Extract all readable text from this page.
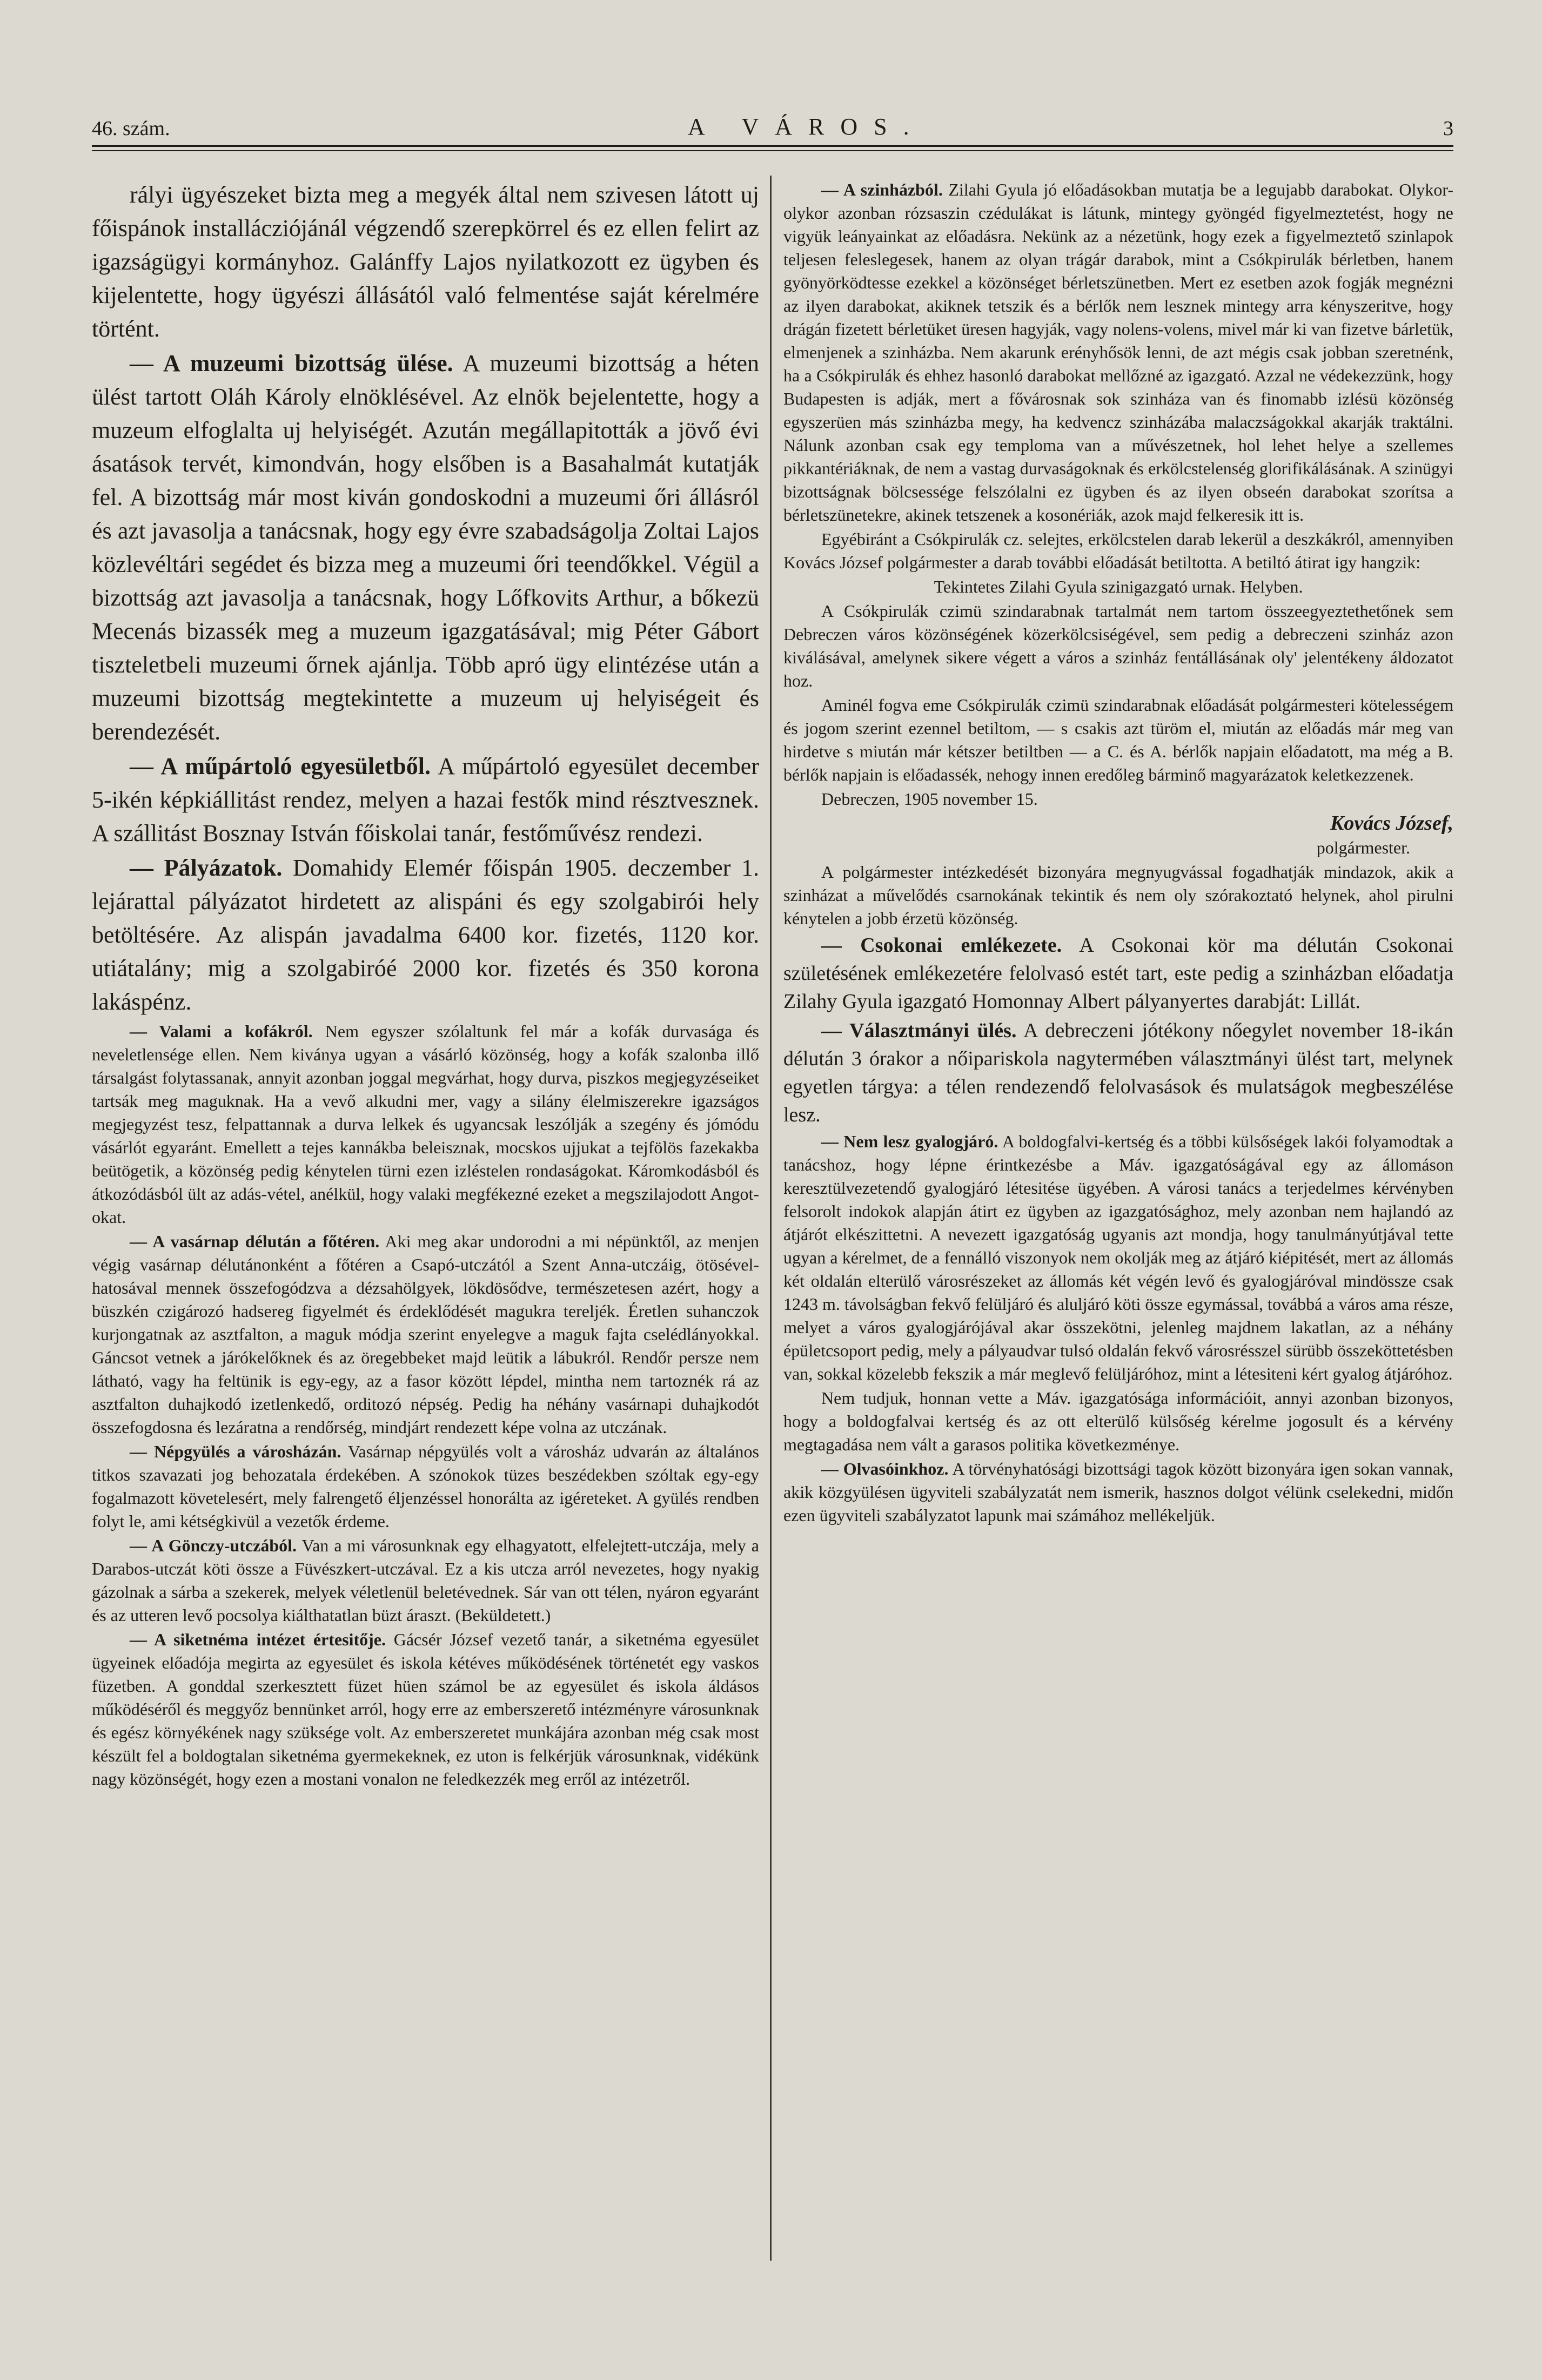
46. szám.	A VÁROS.	3

rályi ügyészeket bizta meg a megyék által nem szivesen látott uj főispánok installácziójánál végzendő szerepkörrel és ez ellen felirt az igazságügyi kormányhoz. Galánffy Lajos nyilatkozott ez ügyben és kijelentette, hogy ügyészi állásától való felmentése saját kérelmére történt.

— A muzeumi bizottság ülése. A muzeumi bizottság a héten ülést tartott Oláh Károly elnöklésével. Az elnök bejelentette, hogy a muzeum elfoglalta uj helyiségét. Azután megállapitották a jövő évi ásatások tervét, kimondván, hogy elsőben is a Basahalmát kutatják fel. A bizottság már most kiván gondoskodni a muzeumi őri állásról és azt javasolja a tanácsnak, hogy egy évre szabadságolja Zoltai Lajos közlevéltári segédet és bizza meg a muzeumi őri teendőkkel. Végül a bizottság azt javasolja a tanácsnak, hogy Lőfkovits Arthur, a bőkezü Mecenás bizassék meg a muzeum igazgatásával; mig Péter Gábort tiszteletbeli muzeumi őrnek ajánlja. Több apró ügy elintézése után a muzeumi bizottság megtekintette a muzeum uj helyiségeit és berendezését.

— A műpártoló egyesületből. A műpártoló egyesület december 5-ikén képkiállitást rendez, melyen a hazai festők mind résztvesznek. A szállitást Bosznay István főiskolai tanár, festőművész rendezi.

— Pályázatok. Domahidy Elemér főispán 1905. deczember 1. lejárattal pályázatot hirdetett az alispáni és egy szolgabirói hely betöltésére. Az alispán javadalma 6400 kor. fizetés, 1120 kor. utiátalány; mig a szolgabiróé 2000 kor. fizetés és 350 korona lakáspénz.

— Valami a kofákról. Nem egyszer szólaltunk fel már a kofák durvasága és neveletlensége ellen. Nem kiványa ugyan a vásárló közönség, hogy a kofák szalonba illő társalgást folytassanak, annyit azonban joggal megvárhat, hogy durva, piszkos megjegyzéseiket tartsák meg maguknak. Ha a vevő alkudni mer, vagy a silány élelmiszerekre igazságos megjegyzést tesz, felpattannak a durva lelkek és ugyancsak leszólják a szegény és jómódu vásárlót egyaránt. Emellett a tejes kannákba beleisznak, mocskos ujjukat a tejfölös fazekakba beütögetik, a közönség pedig kénytelen türni ezen izléstelen rondaságokat. Káromkodásból és átkozódásból ült az adás-vétel, anélkül, hogy valaki megfékezné ezeket a megszilajodott Angot-okat.

— A vasárnap délután a főtéren. Aki meg akar undorodni a mi népünktől, az menjen végig vasárnap délutánonként a főtéren a Csapó-utczától a Szent Anna-utczáig, ötösével-hatosával mennek összefogódzva a dézsahölgyek, lökdösődve, természetesen azért, hogy a büszkén czigározó hadsereg figyelmét és érdeklődését magukra tereljék. Éretlen suhanczok kurjongatnak az asztfalton, a maguk módja szerint enyelegve a maguk fajta cselédlányokkal. Gáncsot vetnek a járókelőknek és az öregebbeket majd leütik a lábukról. Rendőr persze nem látható, vagy ha feltünik is egy-egy, az a fasor között lépdel, mintha nem tartoznék rá az asztfalton duhajkodó izetlenkedő, orditozó népség. Pedig ha néhány vasárnapi duhajkodót összefogdosna és lezáratna a rendőrség, mindjárt rendezett képe volna az utczának.

— Népgyülés a városházán. Vasárnap népgyülés volt a városház udvarán az általános titkos szavazati jog behozatala érdekében. A szónokok tüzes beszédekben szóltak egy-egy fogalmazott követelesért, mely falrengető éljenzéssel honorálta az igéreteket. A gyülés rendben folyt le, ami kétségkivül a vezetők érdeme.

— A Gönczy-utczából. Van a mi városunknak egy elhagyatott, elfelejtett-utczája, mely a Darabos-utczát köti össze a Füvészkert-utczával. Ez a kis utcza arról nevezetes, hogy nyakig gázolnak a sárba a szekerek, melyek véletlenül beletévednek. Sár van ott télen, nyáron egyaránt és az utteren levő pocsolya kiálthatatlan büzt áraszt. (Beküldetett.)

— A siketnéma intézet értesitője. Gácsér József vezető tanár, a siketnéma egyesület ügyeinek előadója megirta az egyesület és iskola kétéves működésének történetét egy vaskos füzetben. A gonddal szerkesztett füzet hüen számol be az egyesület és iskola áldásos működéséről és meggyőz bennünket arról, hogy erre az emberszerető intézményre városunknak és egész környékének nagy szüksége volt. Az emberszeretet munkájára azonban még csak most készült fel a boldogtalan siketnéma gyermekeknek, ez uton is felkérjük városunknak, vidékünk nagy közönségét, hogy ezen a mostani vonalon ne feledkezzék meg erről az intézetről.

— A szinházból. Zilahi Gyula jó előadásokban mutatja be a legujabb darabokat. Olykor-olykor azonban rózsaszin czédulákat is látunk, mintegy gyöngéd figyelmeztetést, hogy ne vigyük leányainkat az előadásra. Nekünk az a nézetünk, hogy ezek a figyelmeztető szinlapok teljesen feleslegesek, hanem az olyan trágár darabok, mint a Csókpirulák bérletben, hanem gyönyörködtesse ezekkel a közönséget bérletszünetben. Mert ez esetben azok fogják megnézni az ilyen darabokat, akiknek tetszik és a bérlők nem lesznek mintegy arra kényszeritve, hogy drágán fizetett bérletüket üresen hagyják, vagy nolens-volens, mivel már ki van fizetve bárletük, elmenjenek a szinházba. Nem akarunk erényhősök lenni, de azt mégis csak jobban szeretnénk, ha a Csókpirulák és ehhez hasonló darabokat mellőzné az igazgató. Azzal ne védekezzünk, hogy Budapesten is adják, mert a fővárosnak sok szinháza van és finomabb izlésü közönség egyszerüen más szinházba megy, ha kedvencz szinházába malaczságokkal akarják traktálni. Nálunk azonban csak egy temploma van a művészetnek, hol lehet helye a szellemes pikkantériáknak, de nem a vastag durvaságoknak és erkölcstelenség glorifikálásának. A szinügyi bizottságnak bölcsessége felszólalni ez ügyben és az ilyen obseén darabokat szorítsa a bérletszünetekre, akinek tetszenek a kosonériák, azok majd felkeresik itt is.

Egyébiránt a Csókpirulák cz. selejtes, erkölcstelen darab lekerül a deszkákról, amennyiben Kovács József polgármester a darab további előadását betiltotta. A betiltó átirat igy hangzik:

Tekintetes Zilahi Gyula szinigazgató urnak. Helyben.

A Csókpirulák czimü szindarabnak tartalmát nem tartom összeegyeztethetőnek sem Debreczen város közönségének közerkölcsiségével, sem pedig a debreczeni szinház azon kiválásával, amelynek sikere végett a város a szinház fentállásának oly' jelentékeny áldozatot hoz.

Aminél fogva eme Csókpirulák czimü szindarabnak előadását polgármesteri kötelességem és jogom szerint ezennel betiltom, — s csakis azt türöm el, miután az előadás már meg van hirdetve s miután már kétszer betiltben — a C. és A. bérlők napjain előadatott, ma még a B. bérlők napjain is előadassék, nehogy innen eredőleg bárminő magyarázatok keletkezzenek.

Debreczen, 1905 november 15.

Kovács József,

polgármester.

A polgármester intézkedését bizonyára megnyugvással fogadhatják mindazok, akik a szinházat a művelődés csarnokának tekintik és nem oly szórakoztató helynek, ahol pirulni kénytelen a jobb érzetü közönség.

— Csokonai emlékezete. A Csokonai kör ma délután Csokonai születésének emlékezetére felolvasó estét tart, este pedig a szinházban előadatja Zilahy Gyula igazgató Homonnay Albert pályanyertes darabját: Lillát.

— Választmányi ülés. A debreczeni jótékony nőegylet november 18-ikán délután 3 órakor a nőipariskola nagytermében választmányi ülést tart, melynek egyetlen tárgya: a télen rendezendő felolvasások és mulatságok megbeszélése lesz.

— Nem lesz gyalogjáró. A boldogfalvi-kertség és a többi külsőségek lakói folyamodtak a tanácshoz, hogy lépne érintkezésbe a Máv. igazgatóságával egy az állomáson keresztülvezetendő gyalogjáró létesitése ügyében. A városi tanács a terjedelmes kérvényben felsorolt indokok alapján átirt ez ügyben az igazgatósághoz, mely azonban nem hajlandó az átjárót elkészittetni. A nevezett igazgatóság ugyanis azt mondja, hogy tanulmányútjával tette ugyan a kérelmet, de a fennálló viszonyok nem okolják meg az átjáró kiépitését, mert az állomás két oldalán elterülő városrészeket az állomás két végén levő és gyalogjáróval mindössze csak 1243 m. távolságban fekvő felüljáró és aluljáró köti össze egymással, továbbá a város ama része, melyet a város gyalogjárójával akar összekötni, jelenleg majdnem lakatlan, az a néhány épületcsoport pedig, mely a pályaudvar tulsó oldalán fekvő városrésszel sürübb összeköttetésben van, sokkal közelebb fekszik a már meglevő felüljáróhoz, mint a létesiteni kért gyalog átjáróhoz.

Nem tudjuk, honnan vette a Máv. igazgatósága információit, annyi azonban bizonyos, hogy a boldogfalvai kertség és az ott elterülő külsőség kérelme jogosult és a kérvény megtagadása nem vált a garasos politika következménye.

— Olvasóinkhoz. A törvényhatósági bizottsági tagok között bizonyára igen sokan vannak, akik közgyülésen ügyviteli szabályzatát nem ismerik, hasznos dolgot vélünk cselekedni, midőn ezen ügyviteli szabályzatot lapunk mai számához mellékeljük.
